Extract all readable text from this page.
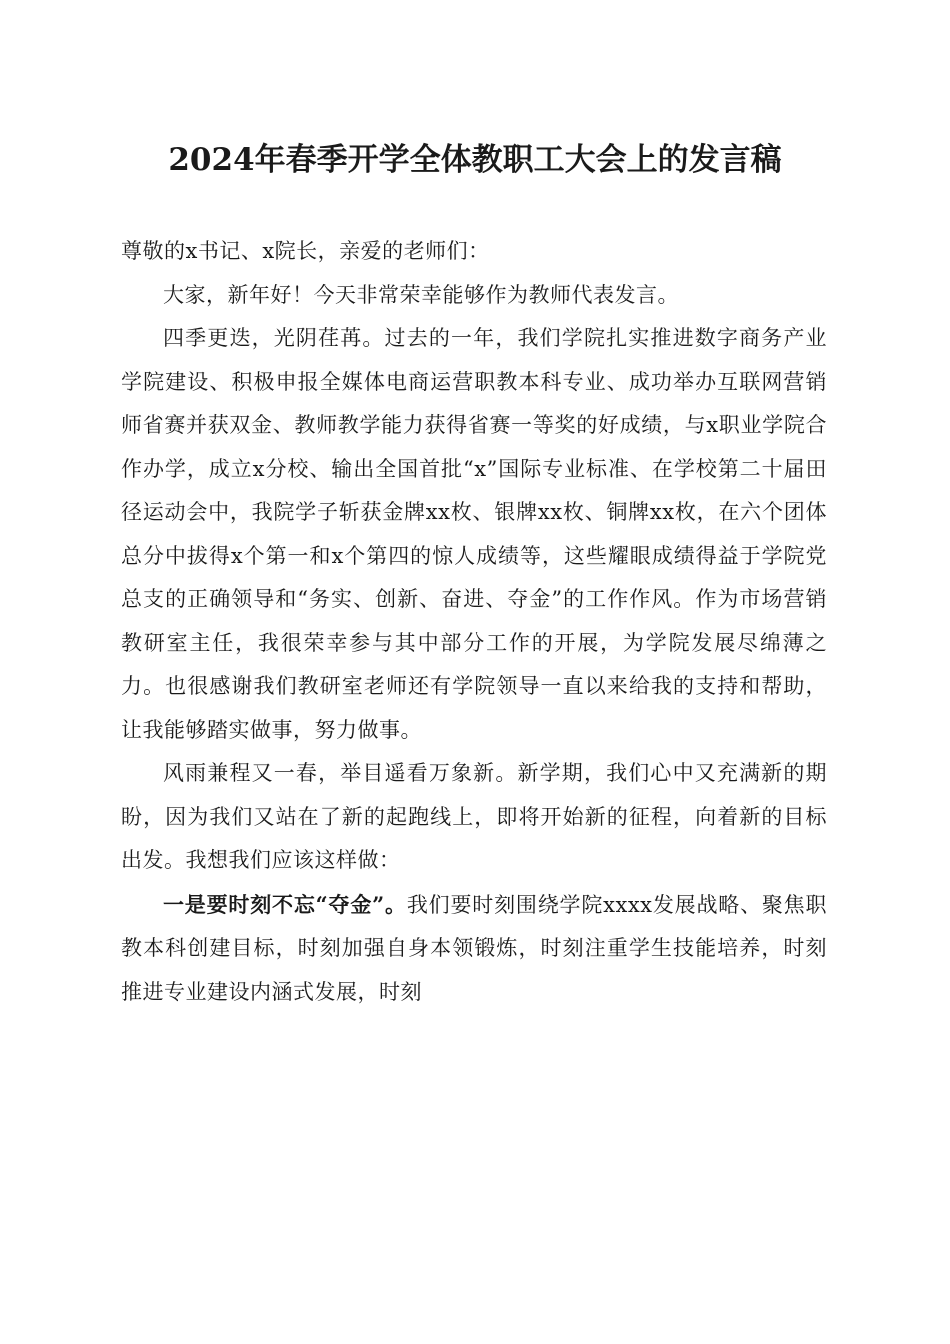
2024年春季开学全体教职工大会上的发言稿

尊敬的x书记、x院长，亲爱的老师们：

大家，新年好！今天非常荣幸能够作为教师代表发言。

四季更迭，光阴荏苒。过去的一年，我们学院扎实推进数字商务产业学院建设、积极申报全媒体电商运营职教本科专业、成功举办互联网营销师省赛并获双金、教师教学能力获得省赛一等奖的好成绩，与x职业学院合作办学，成立x分校、输出全国首批“x”国际专业标准、在学校第二十届田径运动会中，我院学子斩获金牌xx枚、银牌xx枚、铜牌xx枚，在六个团体总分中拔得x个第一和x个第四的惊人成绩等，这些耀眼成绩得益于学院党总支的正确领导和“务实、创新、奋进、夺金”的工作作风。作为市场营销教研室主任，我很荣幸参与其中部分工作的开展，为学院发展尽绵薄之力。也很感谢我们教研室老师还有学院领导一直以来给我的支持和帮助，让我能够踏实做事，努力做事。

风雨兼程又一春，举目遥看万象新。新学期，我们心中又充满新的期盼，因为我们又站在了新的起跑线上，即将开始新的征程，向着新的目标出发。我想我们应该这样做：

一是要时刻不忘“夺金”。我们要时刻围绕学院xxxx发展战略、聚焦职教本科创建目标，时刻加强自身本领锻炼，时刻注重学生技能培养，时刻推进专业建设内涵式发展，时刻
